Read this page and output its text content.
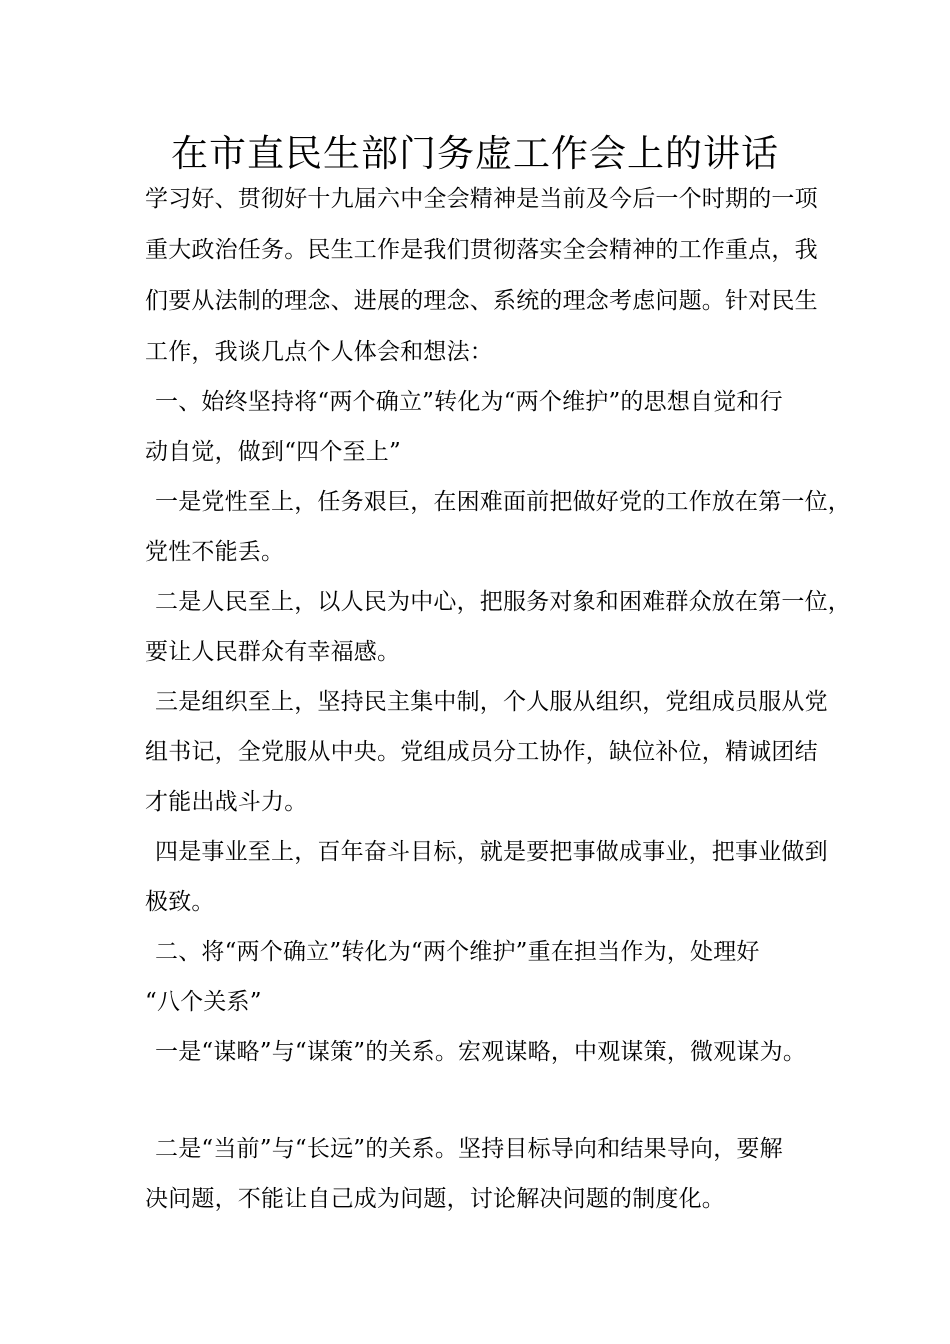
在市直民生部门务虚工作会上的讲话

学习好、贯彻好十九届六中全会精神是当前及今后一个时期的一项

重大政治任务。民生工作是我们贯彻落实全会精神的工作重点，我

们要从法制的理念、进展的理念、系统的理念考虑问题。针对民生

工作，我谈几点个人体会和想法：

一、始终坚持将“两个确立”转化为“两个维护”的思想自觉和行

动自觉，做到“四个至上”

一是党性至上，任务艰巨，在困难面前把做好党的工作放在第一位，

党性不能丢。

二是人民至上，以人民为中心，把服务对象和困难群众放在第一位，

要让人民群众有幸福感。

三是组织至上，坚持民主集中制，个人服从组织，党组成员服从党

组书记，全党服从中央。党组成员分工协作，缺位补位，精诚团结

才能出战斗力。

四是事业至上，百年奋斗目标，就是要把事做成事业，把事业做到

极致。

二、将“两个确立”转化为“两个维护”重在担当作为，处理好

“八个关系”

一是“谋略”与“谋策”的关系。宏观谋略，中观谋策，微观谋为。

二是“当前”与“长远”的关系。坚持目标导向和结果导向，要解

决问题，不能让自己成为问题，讨论解决问题的制度化。
